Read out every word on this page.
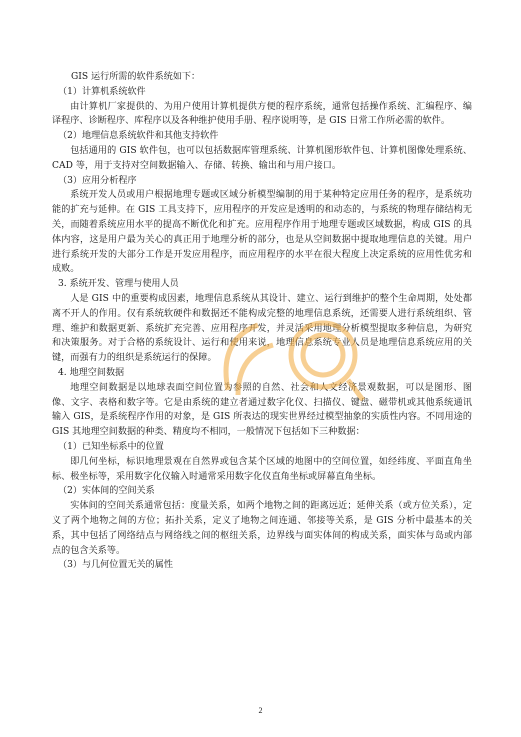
GIS 运行所需的软件系统如下：

（1）计算机系统软件

由计算机厂家提供的、为用户使用计算机提供方便的程序系统，通常包括操作系统、汇编程序、编译程序、诊断程序、库程序以及各种维护使用手册、程序说明等，是 GIS 日常工作所必需的软件。

（2）地理信息系统软件和其他支持软件

包括通用的 GIS 软件包，也可以包括数据库管理系统、计算机图形软件包、计算机图像处理系统、CAD 等，用于支持对空间数据输入、存储、转换、输出和与用户接口。

（3）应用分析程序

系统开发人员或用户根据地理专题或区域分析模型编制的用于某种特定应用任务的程序，是系统功能的扩充与延伸。在 GIS 工具支持下，应用程序的开发应是透明的和动态的，与系统的物理存储结构无关，而随着系统应用水平的提高不断优化和扩充。应用程序作用于地理专题或区域数据，构成 GIS 的具体内容，这是用户最为关心的真正用于地理分析的部分，也是从空间数据中提取地理信息的关键。用户进行系统开发的大部分工作是开发应用程序，而应用程序的水平在很大程度上决定系统的应用性优劣和成败。

3. 系统开发、管理与使用人员

人是 GIS 中的重要构成因素，地理信息系统从其设计、建立、运行到维护的整个生命周期，处处都离不开人的作用。仅有系统软硬件和数据还不能构成完整的地理信息系统，还需要人进行系统组织、管理、维护和数据更新、系统扩充完善、应用程序开发，并灵活采用地理分析模型提取多种信息，为研究和决策服务。对于合格的系统设计、运行和使用来说，地理信息系统专业人员是地理信息系统应用的关键，而强有力的组织是系统运行的保障。

4. 地理空间数据

地理空间数据是以地球表面空间位置为参照的自然、社会和人文经济景观数据，可以是图形、图像、文字、表格和数字等。它是由系统的建立者通过数字化仪、扫描仪、键盘、磁带机或其他系统通讯输入 GIS，是系统程序作用的对象，是 GIS 所表达的现实世界经过模型抽象的实质性内容。不同用途的 GIS 其地理空间数据的种类、精度均不相同，一般情况下包括如下三种数据：

（1）已知坐标系中的位置

即几何坐标，标识地理景观在自然界或包含某个区域的地图中的空间位置，如经纬度、平面直角坐标、极坐标等，采用数字化仪输入时通常采用数字化仪直角坐标或屏幕直角坐标。

（2）实体间的空间关系

实体间的空间关系通常包括：度量关系，如两个地物之间的距离远近；延伸关系（或方位关系），定义了两个地物之间的方位；拓扑关系，定义了地物之间连通、邻接等关系，是 GIS 分析中最基本的关系，其中包括了网络结点与网络线之间的枢纽关系，边界线与面实体间的构成关系，面实体与岛或内部点的包含关系等。

（3）与几何位置无关的属性

2
